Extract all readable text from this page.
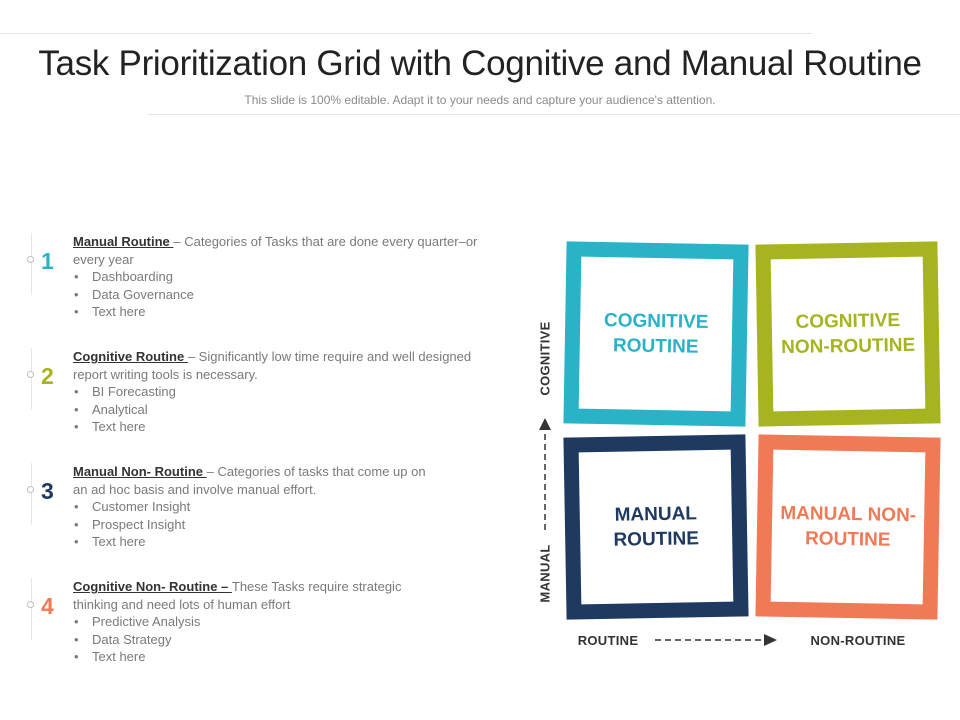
Task Prioritization Grid with Cognitive and Manual Routine
This slide is 100% editable. Adapt it to your needs and capture your audience's attention.
1
Manual Routine – Categories of Tasks that are done every quarter–or every year
• Dashboarding
• Data Governance
• Text here
2
Cognitive Routine – Significantly low time require and well designed report writing tools is necessary.
• BI Forecasting
• Analytical
• Text here
3
Manual Non- Routine – Categories of tasks that come up on an ad hoc basis and involve manual effort.
• Customer Insight
• Prospect Insight
• Text here
4
Cognitive Non- Routine – These Tasks require strategic thinking and need lots of human effort
• Predictive Analysis
• Data Strategy
• Text here
COGNITIVE
ROUTINE
COGNITIVE
NON-ROUTINE
MANUAL
ROUTINE
MANUAL NON-
ROUTINE
COGNITIVE
MANUAL
ROUTINE	NON-ROUTINE
